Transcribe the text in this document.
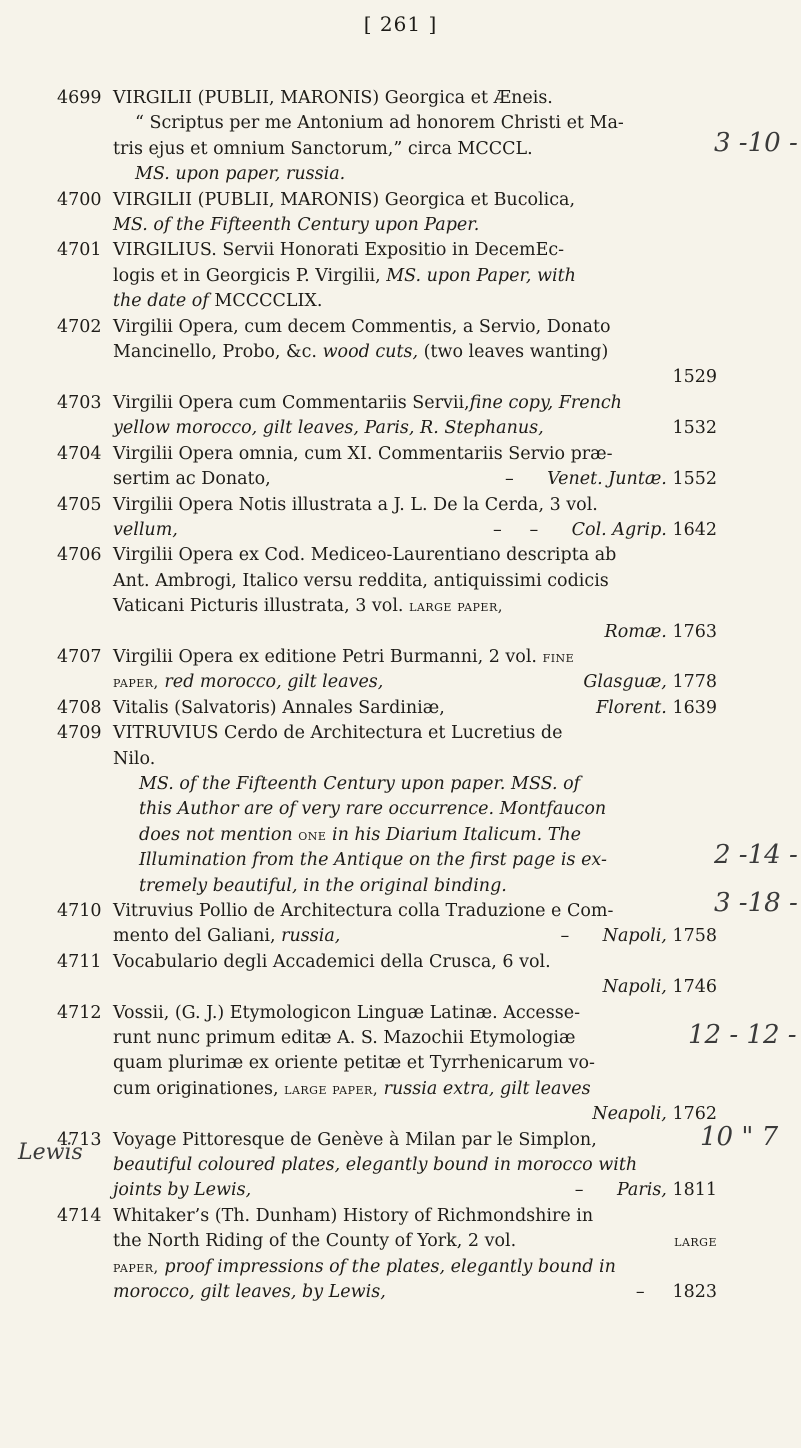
[ 261 ]
4699 VIRGILII (PUBLII, MARONIS) Georgica et Æneis.
“ Scriptus per me Antonium ad honorem Christi et Ma-
tris ejus et omnium Sanctorum,” circa MCCCL.
MS. upon paper, russia.
4700 VIRGILII (PUBLII, MARONIS) Georgica et Bucolica,
MS. of the Fifteenth Century upon Paper.
4701 VIRGILIUS. Servii Honorati Expositio in DecemEc-
logis et in Georgicis P. Virgilii, MS. upon Paper, with
the date of MCCCCLIX.
4702 Virgilii Opera, cum decem Commentis, a Servio, Donato
Mancinello, Probo, &c. wood cuts, (two leaves wanting)
1529
4703 Virgilii Opera cum Commentariis Servii,fine copy, French
yellow morocco, gilt leaves, Paris, R. Stephanus,	1532
4704 Virgilii Opera omnia, cum XI. Commentariis Servio præ-
sertim ac Donato,	–      Venet. Juntæ. 1552
4705 Virgilii Opera Notis illustrata a J. L. De la Cerda, 3 vol.
vellum,	–     –      Col. Agrip. 1642
4706 Virgilii Opera ex Cod. Mediceo-Laurentiano descripta ab
Ant. Ambrogi, Italico versu reddita, antiquissimi codicis
Vaticani Picturis illustrata, 3 vol. large paper,
Romæ. 1763
4707 Virgilii Opera ex editione Petri Burmanni, 2 vol. fine
paper, red morocco, gilt leaves,	Glasguæ, 1778
4708 Vitalis (Salvatoris) Annales Sardiniæ,	Florent. 1639
4709 VITRUVIUS Cerdo de Architectura et Lucretius de
Nilo.
MS. of the Fifteenth Century upon paper. MSS. of
this Author are of very rare occurrence. Montfaucon
does not mention one in his Diarium Italicum. The
Illumination from the Antique on the first page is ex-
tremely beautiful, in the original binding.
4710 Vitruvius Pollio de Architectura colla Traduzione e Com-
mento del Galiani, russia,	–      Napoli, 1758
4711 Vocabulario degli Accademici della Crusca, 6 vol.
Napoli, 1746
4712 Vossii, (G. J.) Etymologicon Linguæ Latinæ. Accesse-
runt nunc primum editæ A. S. Mazochii Etymologiæ
quam plurimæ ex oriente petitæ et Tyrrhenicarum vo-
cum originationes, large paper, russia extra, gilt leaves
Neapoli, 1762
4713 Voyage Pittoresque de Genève à Milan par le Simplon,
beautiful coloured plates, elegantly bound in morocco with
joints by Lewis,	–      Paris, 1811
4714 Whitaker’s (Th. Dunham) History of Richmondshire in
the North Riding of the County of York, 2 vol.	large
paper, proof impressions of the plates, elegantly bound in
morocco, gilt leaves, by Lewis,	–     1823
3 -10 -
2 -14 -
3 -18 -
12 - 12 -
10 " 7
Lewis
